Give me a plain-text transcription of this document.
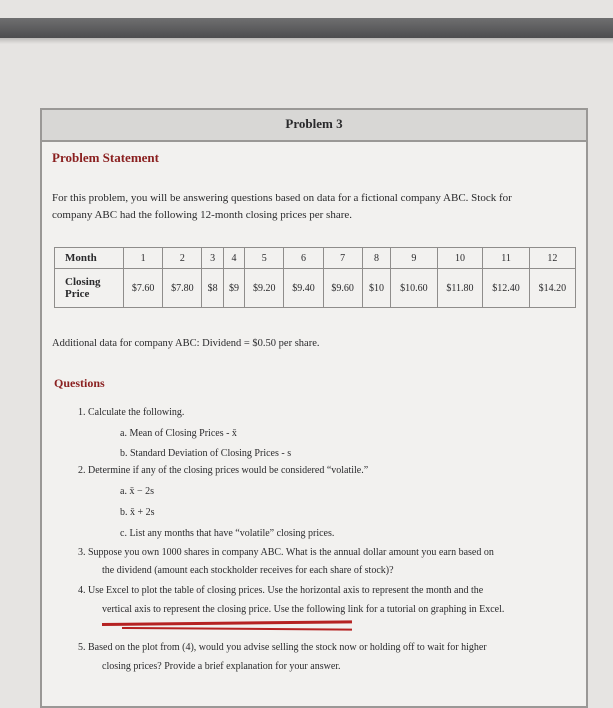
Problem 3
Problem Statement
For this problem, you will be answering questions based on data for a fictional company ABC. Stock for
company ABC had the following 12-month closing prices per share.
Month	1	2	3	4	5	6	7	8	9	10	11	12

Closing
Price	$7.60	$7.80	$8	$9	$9.20	$9.40	$9.60	$10	$10.60	$11.80	$12.40	$14.20
Additional data for company ABC: Dividend = $0.50 per share.
Questions
1. Calculate the following.
a. Mean of Closing Prices - x̄
b. Standard Deviation of Closing Prices - s
2. Determine if any of the closing prices would be considered “volatile.”
a. x̄ − 2s
b. x̄ + 2s
c. List any months that have “volatile” closing prices.
3. Suppose you own 1000 shares in company ABC. What is the annual dollar amount you earn based on
the dividend (amount each stockholder receives for each share of stock)?
4. Use Excel to plot the table of closing prices. Use the horizontal axis to represent the month and the
vertical axis to represent the closing price. Use the following link for a tutorial on graphing in Excel.
5. Based on the plot from (4), would you advise selling the stock now or holding off to wait for higher
closing prices? Provide a brief explanation for your answer.
